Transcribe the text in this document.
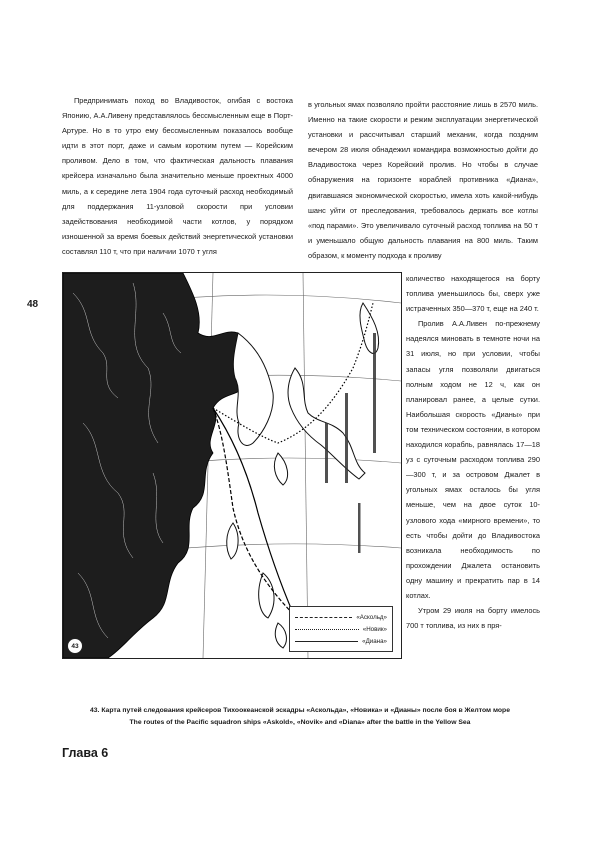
48

Предпринимать поход во Владивосток, огибая с востока Японию, А.А.Ливену представлялось бессмысленным еще в Порт-Артуре. Но в то утро ему бессмысленным показалось вообще идти в этот порт, даже и самым коротким путем — Корейским проливом. Дело в том, что фактическая дальность плавания крейсера изначально была значительно меньше проектных 4000 миль, а к середине лета 1904 года суточный расход необходимый для поддержания 11-узловой скорости при условии задействования необходимой части котлов, у порядком изношенной за время боевых действий энергетической установки составлял 110 т, что при наличии 1070 т угля

в угольных ямах позволяло пройти расстояние лишь в 2570 миль. Именно на такие скорости и режим эксплуатации энергетической установки и рассчитывал старший механик, когда поздним вечером 28 июля обнадежил командира возможностью дойти до Владивостока через Корейский пролив. Но чтобы в случае обнаружения на горизонте кораблей противника «Диана», двигавшаяся экономической скоростью, имела хоть какой-нибудь шанс уйти от преследования, требовалось держать все котлы «под парами». Это увеличивало суточный расход топлива на 50 т и уменьшало общую дальность плавания на 800 миль. Таким образом, к моменту подхода к проливу

количество находящегося на борту топлива уменьшилось бы, сверх уже истраченных 350—370 т, еще на 240 т.

Пролив А.А.Ливен по-прежнему надеялся миновать в темноте ночи на 31 июля, но при условии, чтобы запасы угля позволяли двигаться полным ходом не 12 ч, как он планировал ранее, а целые сутки. Наибольшая скорость «Дианы» при том техническом состоянии, в котором находился корабль, равнялась 17—18 уз с суточным расходом топлива 290—300 т, и за островом Джалет в угольных ямах осталось бы угля меньше, чем на двое суток 10-узлового хода «мирного времени», то есть чтобы дойти до Владивостока возникала необходимость по прохождении Джалета остановить одну машину и прекратить пар в 14 котлах.

Утром 29 июля на борту имелось 700 т топлива, из них в пря-

43
«Аскольд»
«Новик»
«Диана»
43. Карта путей следования крейсеров Тихоокеанской эскадры «Аскольда», «Новика» и «Дианы» после боя в Желтом море
The routes of the Pacific squadron ships «Askold», «Novik» and «Diana» after the battle in the Yellow Sea
Глава 6
